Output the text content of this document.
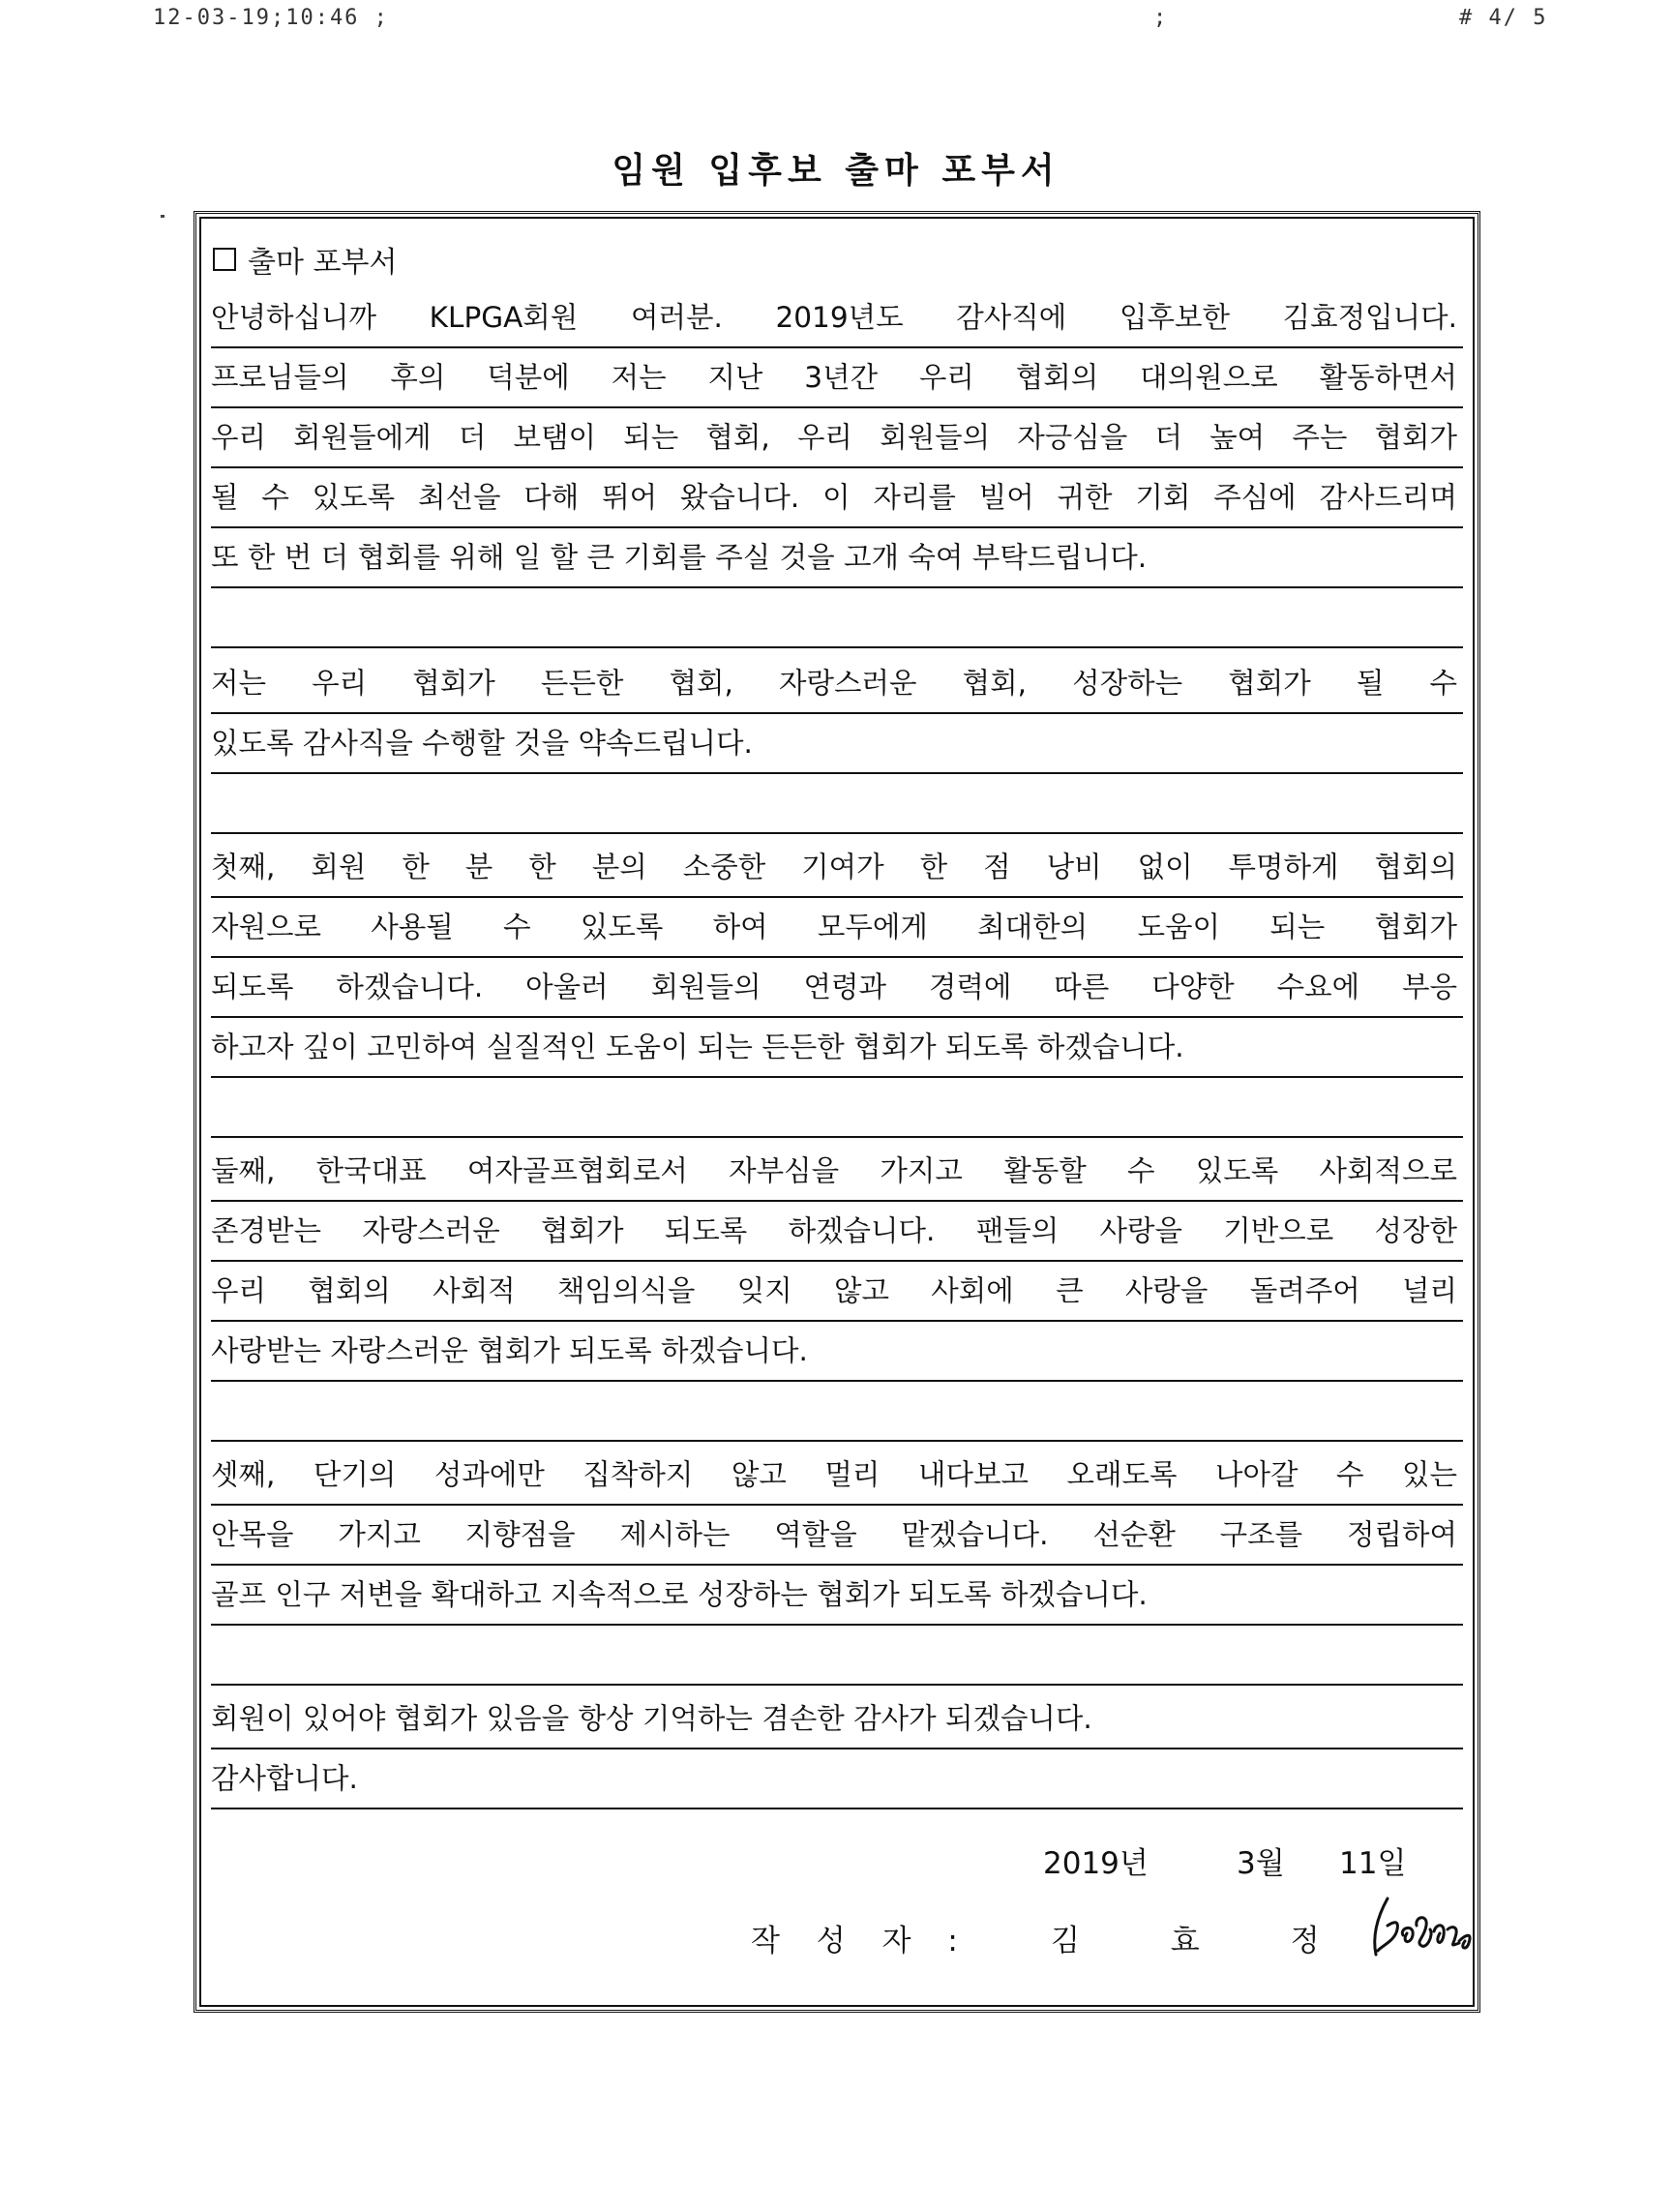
12-03-19;10:46 ;	;	# 4/ 5
임원 입후보 출마 포부서
출마 포부서
안녕하십니까 KLPGA회원 여러분. 2019년도 감사직에 입후보한 김효정입니다.
프로님들의 후의 덕분에 저는 지난 3년간 우리 협회의 대의원으로 활동하면서
우리 회원들에게 더 보탬이 되는 협회, 우리 회원들의 자긍심을 더 높여 주는 협회가
될 수 있도록 최선을 다해 뛰어 왔습니다. 이 자리를 빌어 귀한 기회 주심에 감사드리며
또 한 번 더 협회를 위해 일 할 큰 기회를 주실 것을 고개 숙여 부탁드립니다.
저는 우리 협회가 든든한 협회, 자랑스러운 협회, 성장하는 협회가 될 수
있도록 감사직을 수행할 것을 약속드립니다.
첫째, 회원 한 분 한 분의 소중한 기여가 한 점 낭비 없이 투명하게 협회의
자원으로 사용될 수 있도록 하여 모두에게 최대한의 도움이 되는 협회가
되도록 하겠습니다. 아울러 회원들의 연령과 경력에 따른 다양한 수요에 부응
하고자 깊이 고민하여 실질적인 도움이 되는 든든한 협회가 되도록 하겠습니다.
둘째, 한국대표 여자골프협회로서 자부심을 가지고 활동할 수 있도록 사회적으로
존경받는 자랑스러운 협회가 되도록 하겠습니다. 팬들의 사랑을 기반으로 성장한
우리 협회의 사회적 책임의식을 잊지 않고 사회에 큰 사랑을 돌려주어 널리
사랑받는 자랑스러운 협회가 되도록 하겠습니다.
셋째, 단기의 성과에만 집착하지 않고 멀리 내다보고 오래도록 나아갈 수 있는
안목을 가지고 지향점을 제시하는 역할을 맡겠습니다. 선순환 구조를 정립하여
골프 인구 저변을 확대하고 지속적으로 성장하는 협회가 되도록 하겠습니다.
회원이 있어야 협회가 있음을 항상 기억하는 겸손한 감사가 되겠습니다.
감사합니다.
2019년	3월 11일
작 성 자 :	김 효 정
